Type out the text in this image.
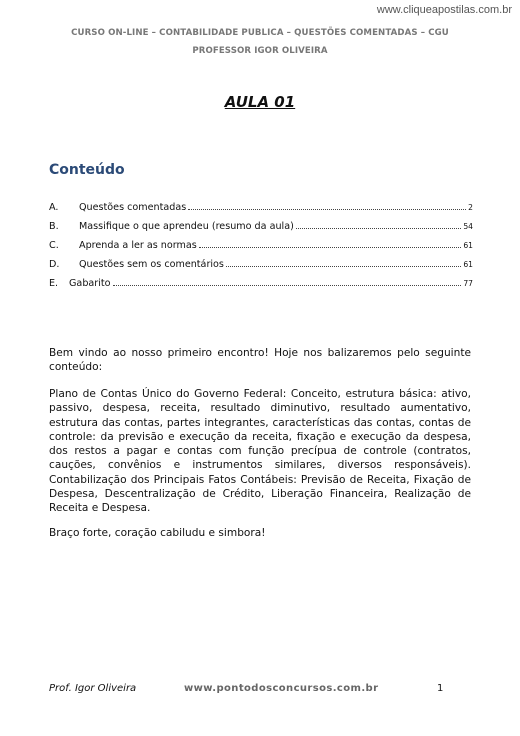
www.cliqueapostilas.com.br
CURSO ON-LINE – CONTABILIDADE PUBLICA – QUESTÕES COMENTADAS – CGU
PROFESSOR IGOR OLIVEIRA
AULA 01
Conteúdo
A.	Questões comentadas	2
B.	Massifique o que aprendeu (resumo da aula)	54
C.	Aprenda a ler as normas	61
D.	Questões sem os comentários	61
E.	Gabarito	77
Bem vindo ao nosso primeiro encontro! Hoje nos balizaremos pelo seguinte conteúdo:
Plano de Contas Único do Governo Federal: Conceito, estrutura básica: ativo, passivo, despesa, receita, resultado diminutivo, resultado aumentativo, estrutura das contas, partes integrantes, características das contas, contas de controle: da previsão e execução da receita, fixação e execução da despesa, dos restos a pagar e contas com função precípua de controle (contratos, cauções, convênios e instrumentos similares, diversos responsáveis). Contabilização dos Principais Fatos Contábeis: Previsão de Receita, Fixação de Despesa, Descentralização de Crédito, Liberação Financeira, Realização de Receita e Despesa.
Braço forte, coração cabiludu e simbora!
Prof. Igor Oliveira	www.pontodosconcursos.com.br	1
